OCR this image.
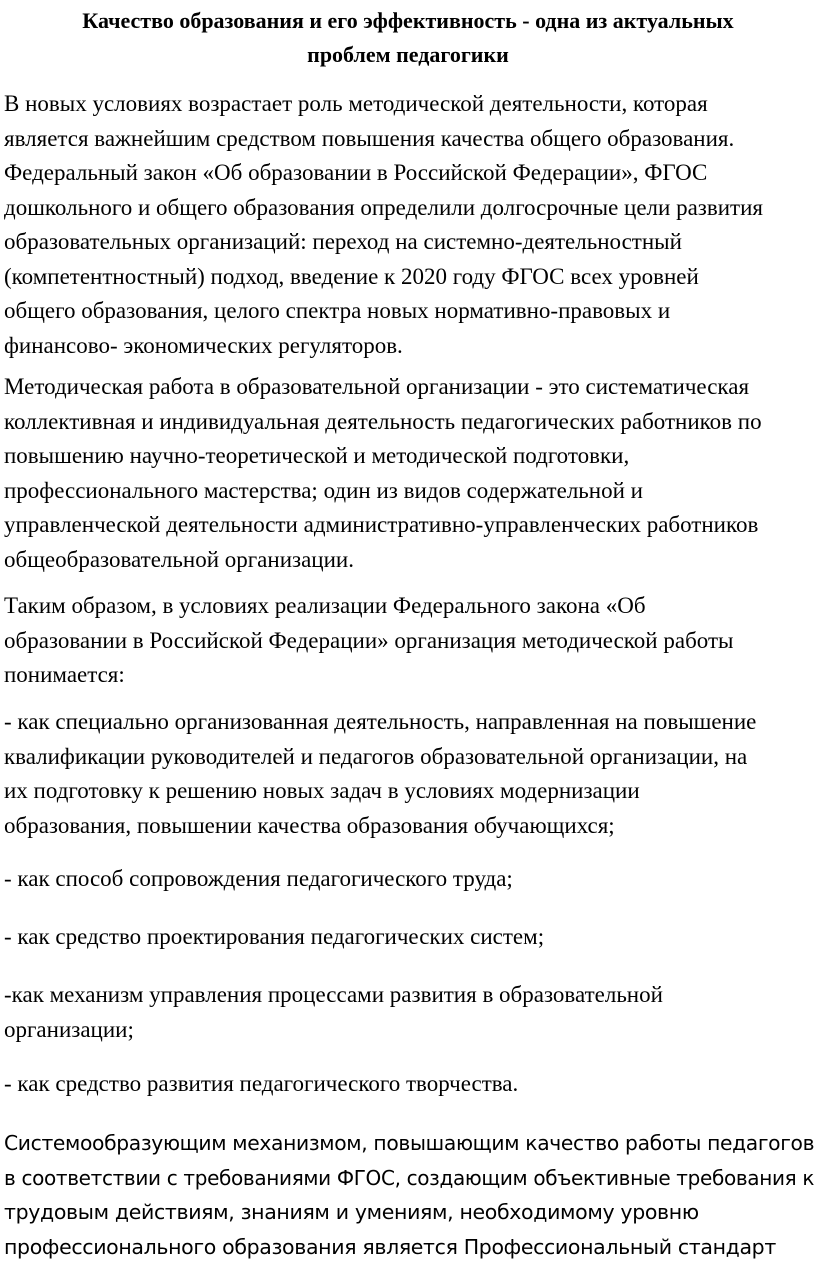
Качество образования и его эффективность - одна из актуальных
проблем педагогики

В новых условиях возрастает роль методической деятельности, которая
является важнейшим средством повышения качества общего образования.
Федеральный закон «Об образовании в Российской Федерации», ФГОС
дошкольного и общего образования определили долгосрочные цели развития
образовательных организаций: переход на системно-деятельностный
(компетентностный) подход, введение к 2020 году ФГОС всех уровней
общего образования, целого спектра новых нормативно-правовых и
финансово- экономических регуляторов.

Методическая работа в образовательной организации - это систематическая
коллективная и индивидуальная деятельность педагогических работников по
повышению научно-теоретической и методической подготовки,
профессионального мастерства; один из видов содержательной и
управленческой деятельности административно-управленческих работников
общеобразовательной организации.

Таким образом, в условиях реализации Федерального закона «Об
образовании в Российской Федерации» организация методической работы
понимается:

- как специально организованная деятельность, направленная на повышение
квалификации руководителей и педагогов образовательной организации, на
их подготовку к решению новых задач в условиях модернизации
образования, повышении качества образования обучающихся;

- как способ сопровождения педагогического труда;

- как средство проектирования педагогических систем;

-как механизм управления процессами развития в образовательной
организации;

- как средство развития педагогического творчества.

Системообразующим механизмом, повышающим качество работы педагогов
в соответствии с требованиями ФГОС, создающим объективные требования к
трудовым действиям, знаниям и умениям, необходимому уровню
профессионального образования является Профессиональный стандарт
